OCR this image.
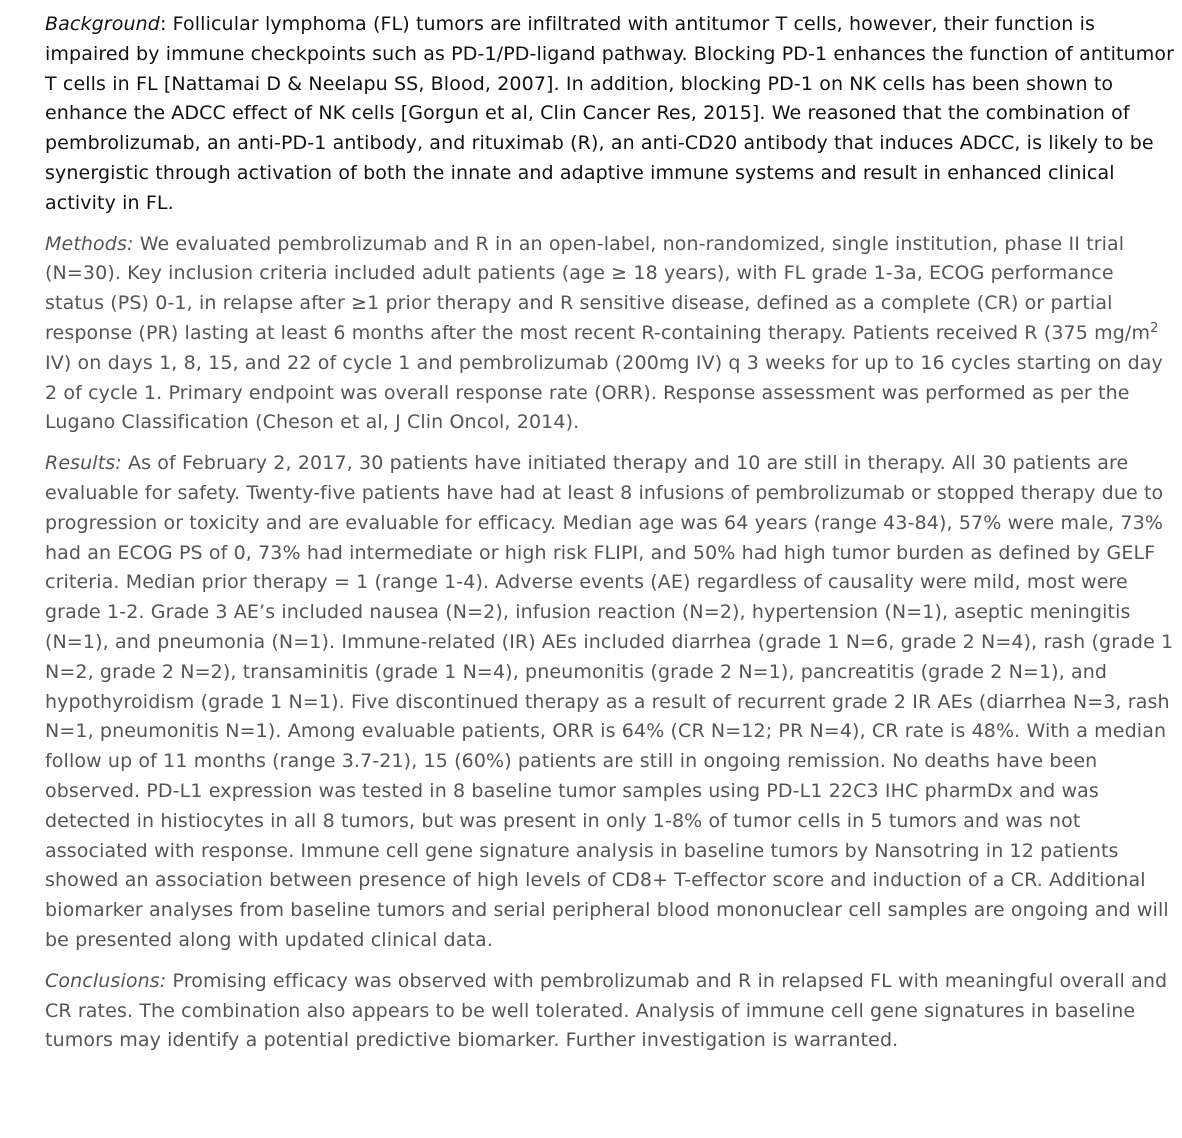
Background: Follicular lymphoma (FL) tumors are infiltrated with antitumor T cells, however, their function is impaired by immune checkpoints such as PD-1/PD-ligand pathway. Blocking PD-1 enhances the function of antitumor T cells in FL [Nattamai D & Neelapu SS, Blood, 2007]. In addition, blocking PD-1 on NK cells has been shown to enhance the ADCC effect of NK cells [Gorgun et al, Clin Cancer Res, 2015]. We reasoned that the combination of pembrolizumab, an anti-PD-1 antibody, and rituximab (R), an anti-CD20 antibody that induces ADCC, is likely to be synergistic through activation of both the innate and adaptive immune systems and result in enhanced clinical activity in FL.

Methods: We evaluated pembrolizumab and R in an open-label, non-randomized, single institution, phase II trial (N=30). Key inclusion criteria included adult patients (age ≥ 18 years), with FL grade 1-3a, ECOG performance status (PS) 0-1, in relapse after ≥1 prior therapy and R sensitive disease, defined as a complete (CR) or partial response (PR) lasting at least 6 months after the most recent R-containing therapy. Patients received R (375 $mg/m^2$ IV) on days 1, 8, 15, and 22 of cycle 1 and pembrolizumab (200mg IV) q 3 weeks for up to 16 cycles starting on day 2 of cycle 1. Primary endpoint was overall response rate (ORR). Response assessment was performed as per the Lugano Classification (Cheson et al, J Clin Oncol, 2014).

Results: As of February 2, 2017, 30 patients have initiated therapy and 10 are still in therapy. All 30 patients are evaluable for safety. Twenty-five patients have had at least 8 infusions of pembrolizumab or stopped therapy due to progression or toxicity and are evaluable for efficacy. Median age was 64 years (range 43-84), 57% were male, 73% had an ECOG PS of 0, 73% had intermediate or high risk FLIPI, and 50% had high tumor burden as defined by GELF criteria. Median prior therapy = 1 (range 1-4). Adverse events (AE) regardless of causality were mild, most were grade 1-2. Grade 3 AE’s included nausea (N=2), infusion reaction (N=2), hypertension (N=1), aseptic meningitis (N=1), and pneumonia (N=1). Immune-related (IR) AEs included diarrhea (grade 1 N=6, grade 2 N=4), rash (grade 1 N=2, grade 2 N=2), transaminitis (grade 1 N=4), pneumonitis (grade 2 N=1), pancreatitis (grade 2 N=1), and hypothyroidism (grade 1 N=1). Five discontinued therapy as a result of recurrent grade 2 IR AEs (diarrhea N=3, rash N=1, pneumonitis N=1). Among evaluable patients, ORR is 64% (CR N=12; PR N=4), CR rate is 48%. With a median follow up of 11 months (range 3.7-21), 15 (60%) patients are still in ongoing remission. No deaths have been observed. PD-L1 expression was tested in 8 baseline tumor samples using PD-L1 22C3 IHC pharmDx and was detected in histiocytes in all 8 tumors, but was present in only 1-8% of tumor cells in 5 tumors and was not associated with response. Immune cell gene signature analysis in baseline tumors by Nansotring in 12 patients showed an association between presence of high levels of CD8+ T-effector score and induction of a CR. Additional biomarker analyses from baseline tumors and serial peripheral blood mononuclear cell samples are ongoing and will be presented along with updated clinical data.

Conclusions: Promising efficacy was observed with pembrolizumab and R in relapsed FL with meaningful overall and CR rates. The combination also appears to be well tolerated. Analysis of immune cell gene signatures in baseline tumors may identify a potential predictive biomarker. Further investigation is warranted.
